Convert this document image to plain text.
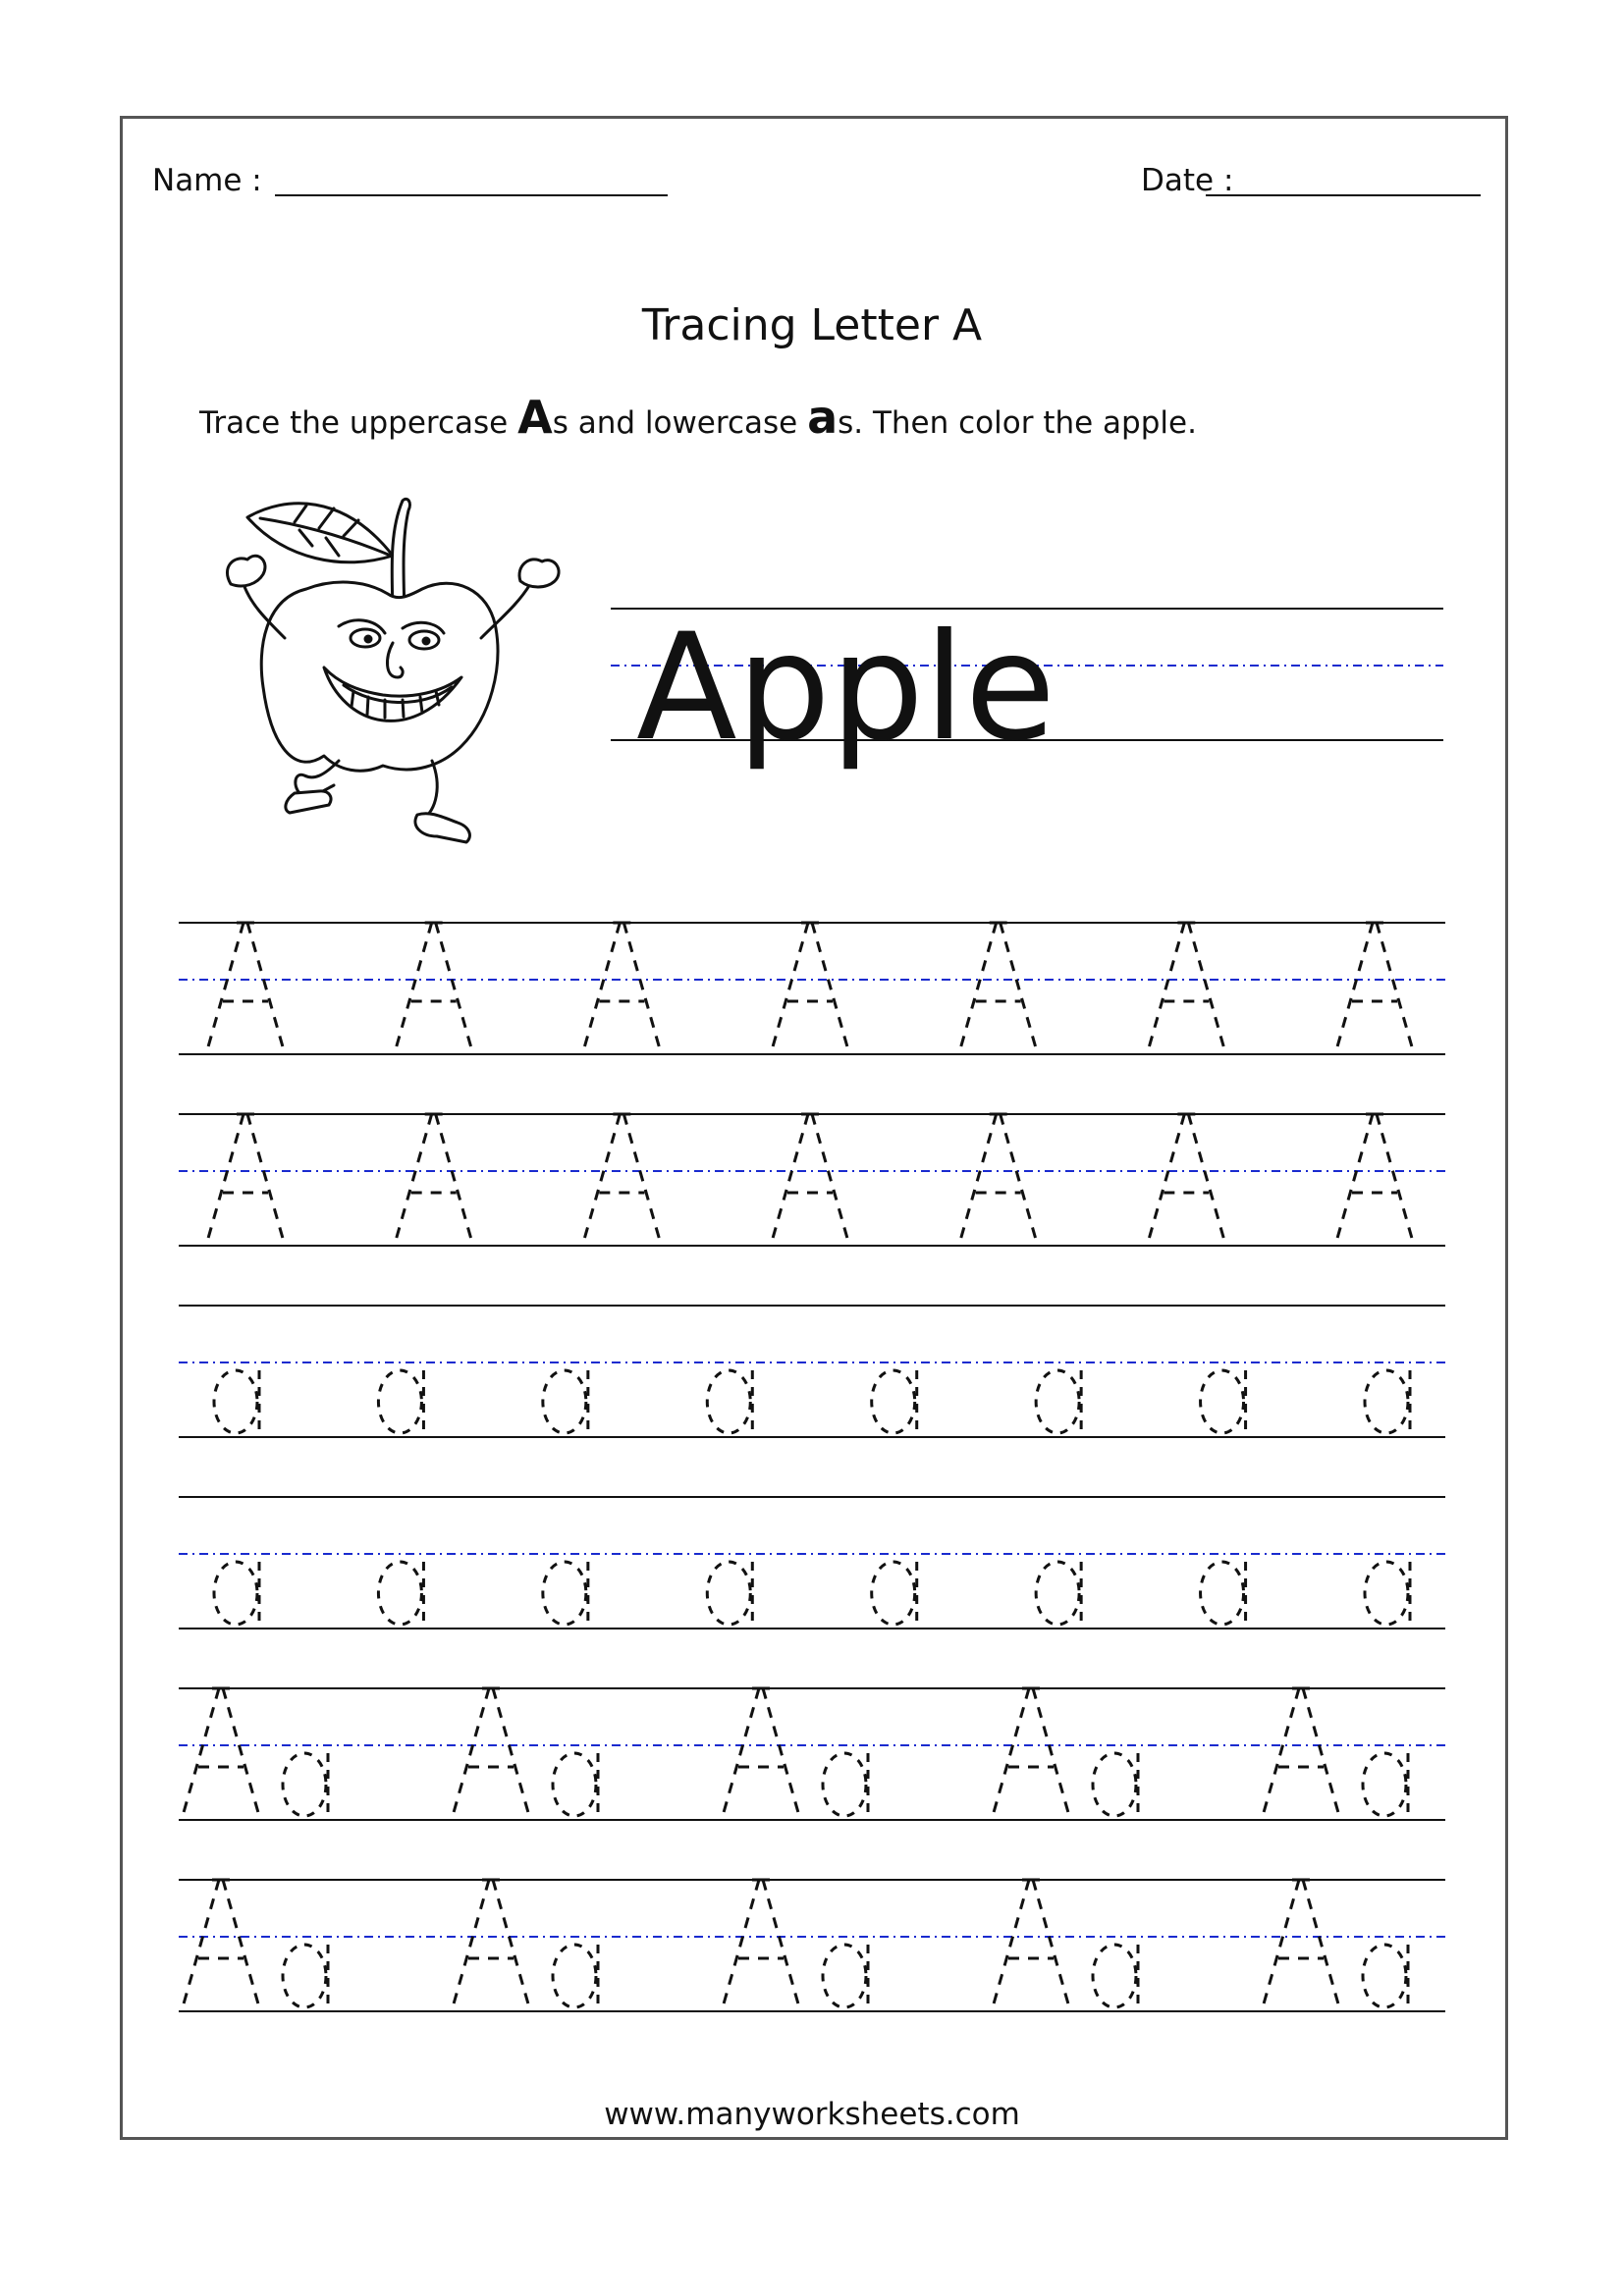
Name :	Date :
Tracing Letter A
Trace the uppercase As and lowercase as. Then color the apple.
Apple
www.manyworksheets.com
